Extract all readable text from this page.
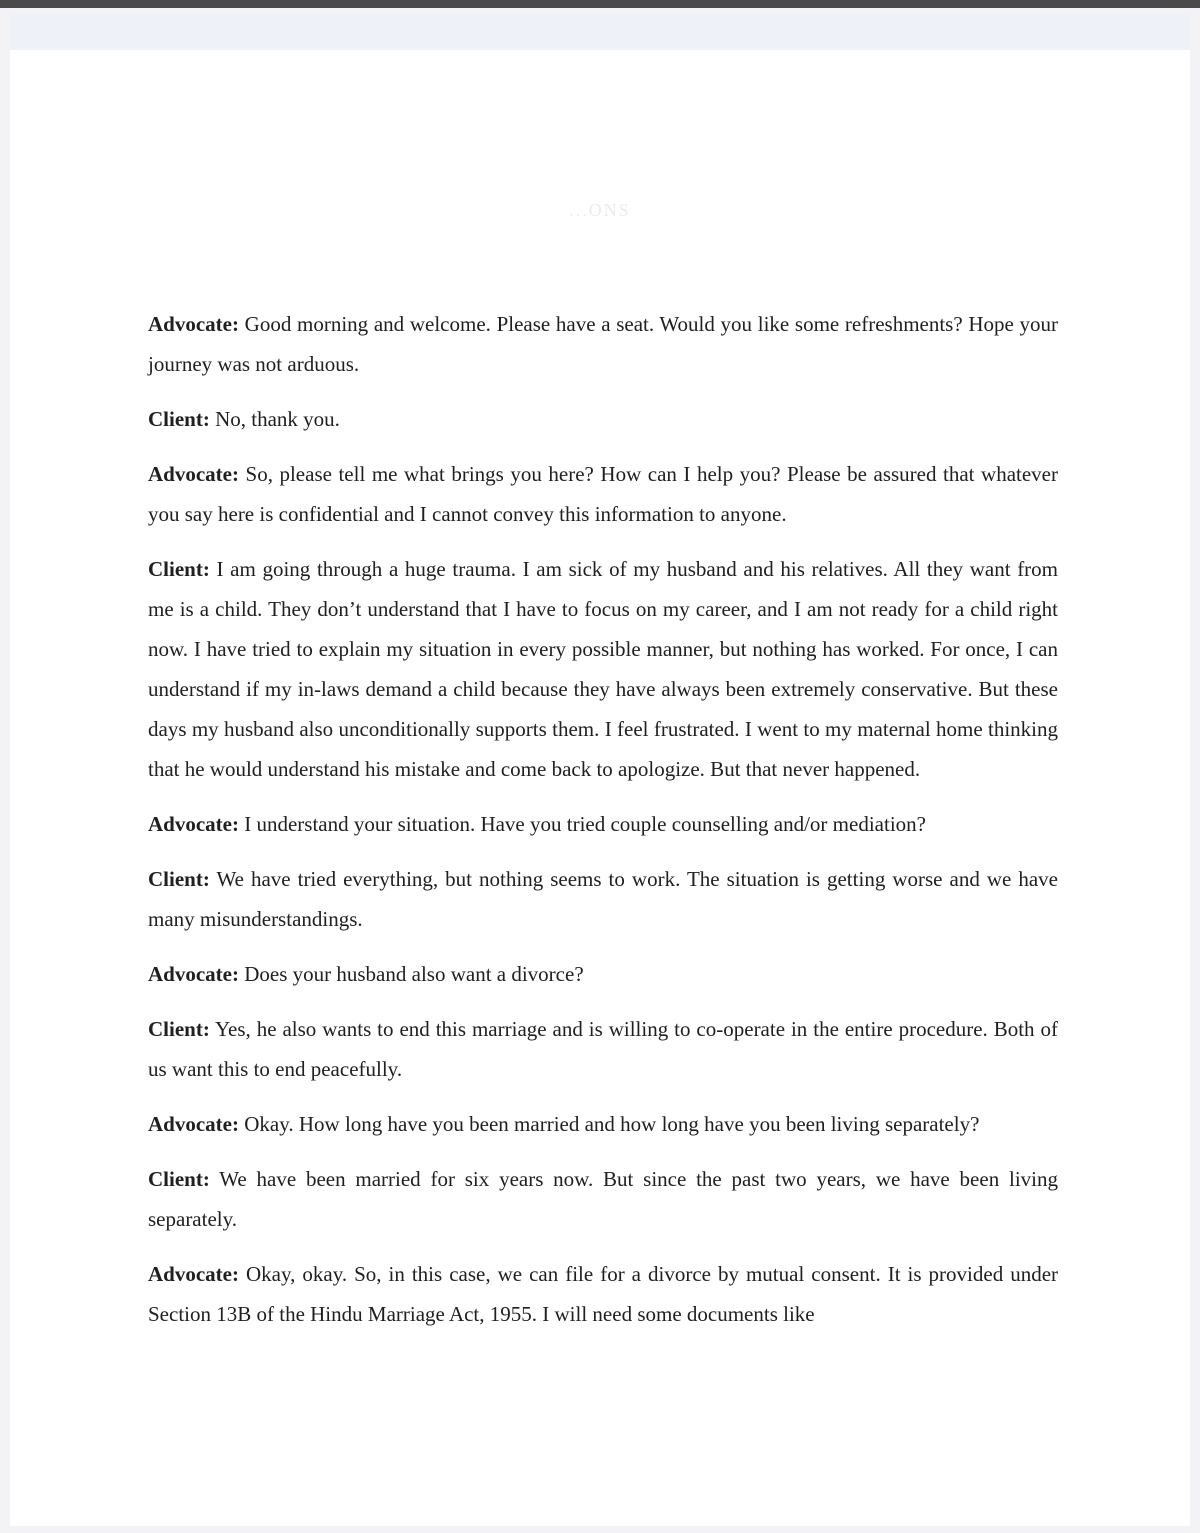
...ONS

Advocate: Good morning and welcome. Please have a seat. Would you like some refreshments? Hope your journey was not arduous.

Client: No, thank you.

Advocate: So, please tell me what brings you here? How can I help you? Please be assured that whatever you say here is confidential and I cannot convey this information to anyone.

Client: I am going through a huge trauma. I am sick of my husband and his relatives. All they want from me is a child. They don’t understand that I have to focus on my career, and I am not ready for a child right now. I have tried to explain my situation in every possible manner, but nothing has worked. For once, I can understand if my in-laws demand a child because they have always been extremely conservative. But these days my husband also unconditionally supports them. I feel frustrated. I went to my maternal home thinking that he would understand his mistake and come back to apologize. But that never happened.

Advocate: I understand your situation. Have you tried couple counselling and/or mediation?

Client: We have tried everything, but nothing seems to work. The situation is getting worse and we have many misunderstandings.

Advocate: Does your husband also want a divorce?

Client: Yes, he also wants to end this marriage and is willing to co-operate in the entire procedure. Both of us want this to end peacefully.

Advocate: Okay. How long have you been married and how long have you been living separately?

Client: We have been married for six years now. But since the past two years, we have been living separately.

Advocate: Okay, okay. So, in this case, we can file for a divorce by mutual consent. It is provided under Section 13B of the Hindu Marriage Act, 1955. I will need some documents like
